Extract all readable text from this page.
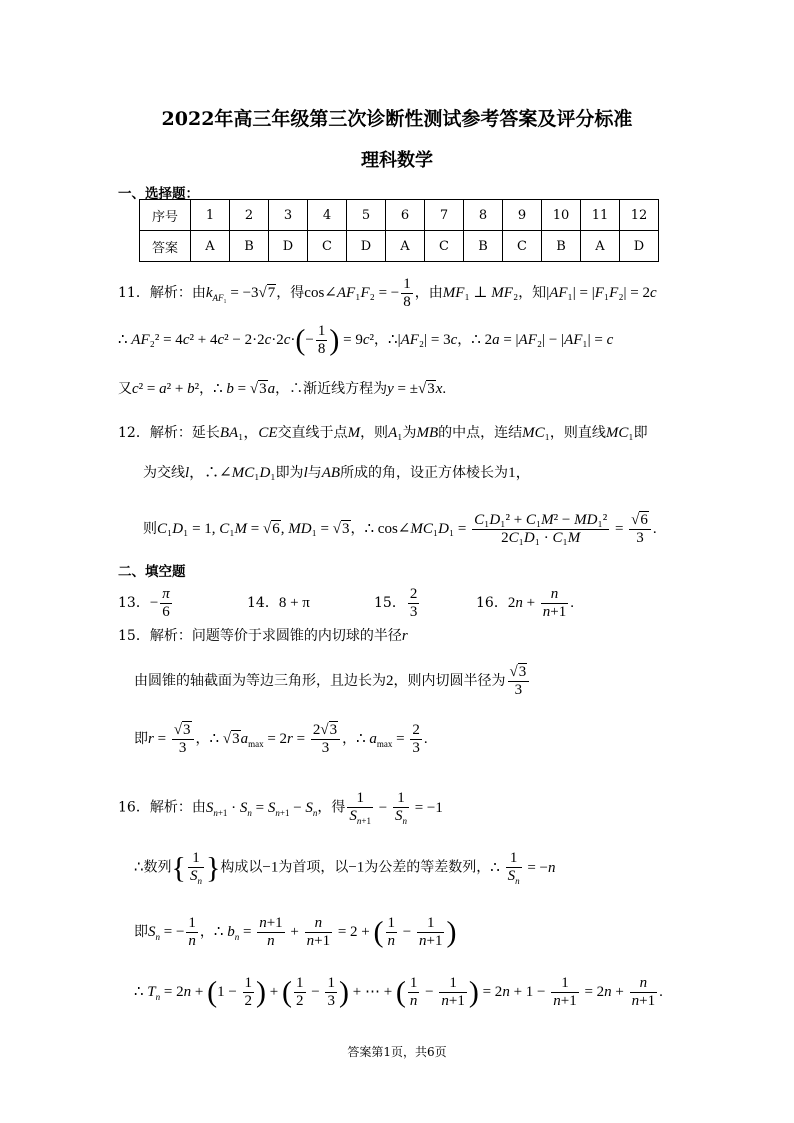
2022年高三年级第三次诊断性测试参考答案及评分标准
理科数学
一、选择题：
序号	1	2	3	4	5	6	7	8	9	10	11	12
答案	A	B	D	C	D	A	C	B	C	B	A	D
11．解析：由$k_{AF_1} = -3√7$，得cos∠AF₁F₂ = − $\frac{1}{8}$ ，由MF₁ ⊥ MF₂，知|AF₁| = |F₁F₂| = 2c
∴ $AF_2^2 = 4c^2 + 4c^2 - 2\cdot 2c\cdot 2c\cdot(- \frac{1}{8}$ ) = 9c²，∴|AF₂| = 3c，∴ 2a = |AF₂| − |AF₁| = c
又c² = a² + b²，∴ b = √3a，∴渐近线方程为y = ±√3x.
12．解析：延长BA₁，CE交直线于点M，则A₁为MB的中点，连结MC₁，则直线MC₁即
为交线l，∴∠MC₁D₁即为l与AB所成的角，设正方体棱长为1，
则C₁D₁ = 1, C₁M = √6, MD₁ = √3，∴ cos∠MC₁D₁ = $\frac{\text{C₁D₁² + C₁M² − MD₁²}}{\text{2C₁D₁ · C₁M}} = \frac{√6}{3}$ .
二、填空题
13．− $\frac{\pi}{6}$	14．8 + π	15． $\frac{2}{3}$	16．$2n + \frac{n}{n+1}$ .
15．解析：问题等价于求圆锥的内切球的半径r
由圆锥的轴截面为等边三角形，且边长为2，则内切圆半径为 $\frac{√3}{3}$
即$r = \frac{√3}{3}$ ，∴ $√3a_{max} = 2r = \frac{2√3}{3}$ ，∴ $a_{max} = \frac{2}{3}$ .
16．解析：由$S_{n+1} \cdot S_n = S_{n+1} - S_n$，得 $\frac{1}{S_{n+1}} - \frac{1}{S_n} = -1$
∴数列{ $\frac{1}{S_n}$ }构成以−1为首项，以−1为公差的等差数列，∴ $\frac{1}{S_n} = -n$
即$S_n$ = − $\frac{1}{n}$ ，∴ $b_n = \frac{n+1}{n} + \frac{n}{n+1} = 2$ + ( $\frac{1}{n} - \frac{1}{n+1}$ )
∴ $T_n = 2n + (1 - \frac{1}{2}$ ) + ( $\frac{1}{2} - \frac{1}{3}$ ) + ⋯ + ( $\frac{1}{n} - \frac{1}{n+1}$ ) = $2n + 1 - \frac{1}{n+1} = 2n + \frac{n}{n+1}$ .
答案第1页，共6页
